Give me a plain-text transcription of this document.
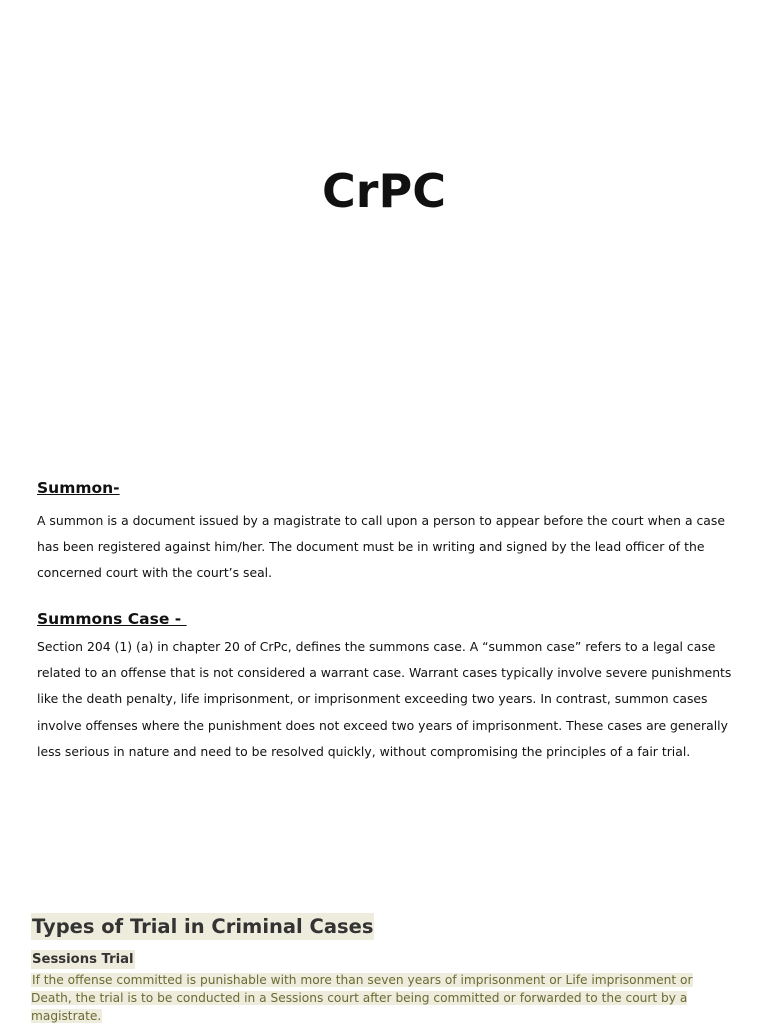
CrPC
Summon-

A summon is a document issued by a magistrate to call upon a person to appear before the court when a case has been registered against him/her. The document must be in writing and signed by the lead officer of the concerned court with the court’s seal.

Summons Case -

Section 204 (1) (a) in chapter 20 of CrPc, defines the summons case. A “summon case” refers to a legal case related to an offense that is not considered a warrant case. Warrant cases typically involve severe punishments like the death penalty, life imprisonment, or imprisonment exceeding two years. In contrast, summon cases involve offenses where the punishment does not exceed two years of imprisonment. These cases are generally less serious in nature and need to be resolved quickly, without compromising the principles of a fair trial.

Types of Trial in Criminal Cases
Sessions Trial

If the offense committed is punishable with more than seven years of imprisonment or Life imprisonment or Death, the trial is to be conducted in a Sessions court after being committed or forwarded to the court by a magistrate.
